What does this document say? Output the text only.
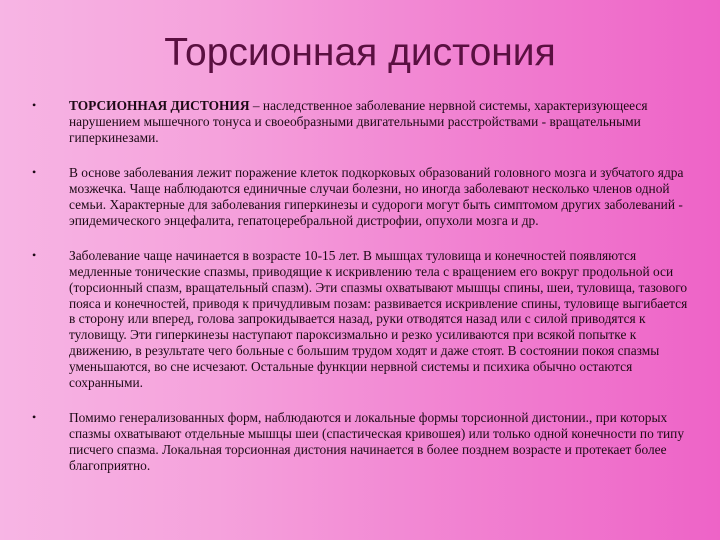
Торсионная дистония
• ТОРСИОННАЯ ДИСТОНИЯ – наследственное заболевание нервной системы, характеризующееся нарушением мышечного тонуса и своеобразными двигательными расстройствами - вращательными гиперкинезами.
• В основе заболевания лежит поражение клеток подкорковых образований головного мозга и зубчатого ядра мозжечка. Чаще наблюдаются единичные случаи болезни, но иногда заболевают несколько членов одной семьи. Характерные для заболевания гиперкинезы и судороги могут быть симптомом других заболеваний - эпидемического энцефалита, гепатоцеребральной дистрофии, опухоли мозга и др.
• Заболевание чаще начинается в возрасте 10-15 лет. В мышцах туловища и конечностей появляются медленные тонические спазмы, приводящие к искривлению тела с вращением его вокруг продольной оси (торсионный спазм, вращательный спазм). Эти спазмы охватывают мышцы спины, шеи, туловища, тазового пояса и конечностей, приводя к причудливым позам: развивается искривление спины, туловище выгибается в сторону или вперед, голова запрокидывается назад, руки отводятся назад или с силой приводятся к туловищу. Эти гиперкинезы наступают пароксизмально и резко усиливаются при всякой попытке к движению, в результате чего больные с большим трудом ходят и даже стоят. В состоянии покоя спазмы уменьшаются, во сне исчезают. Остальные функции нервной системы и психика обычно остаются сохранными.
• Помимо генерализованных форм, наблюдаются и локальные формы торсионной дистонии., при которых спазмы охватывают отдельные мышцы шеи (спастическая кривошея) или только одной конечности по типу писчего спазма. Локальная торсионная дистония начинается в более позднем возрасте и протекает более благоприятно.
